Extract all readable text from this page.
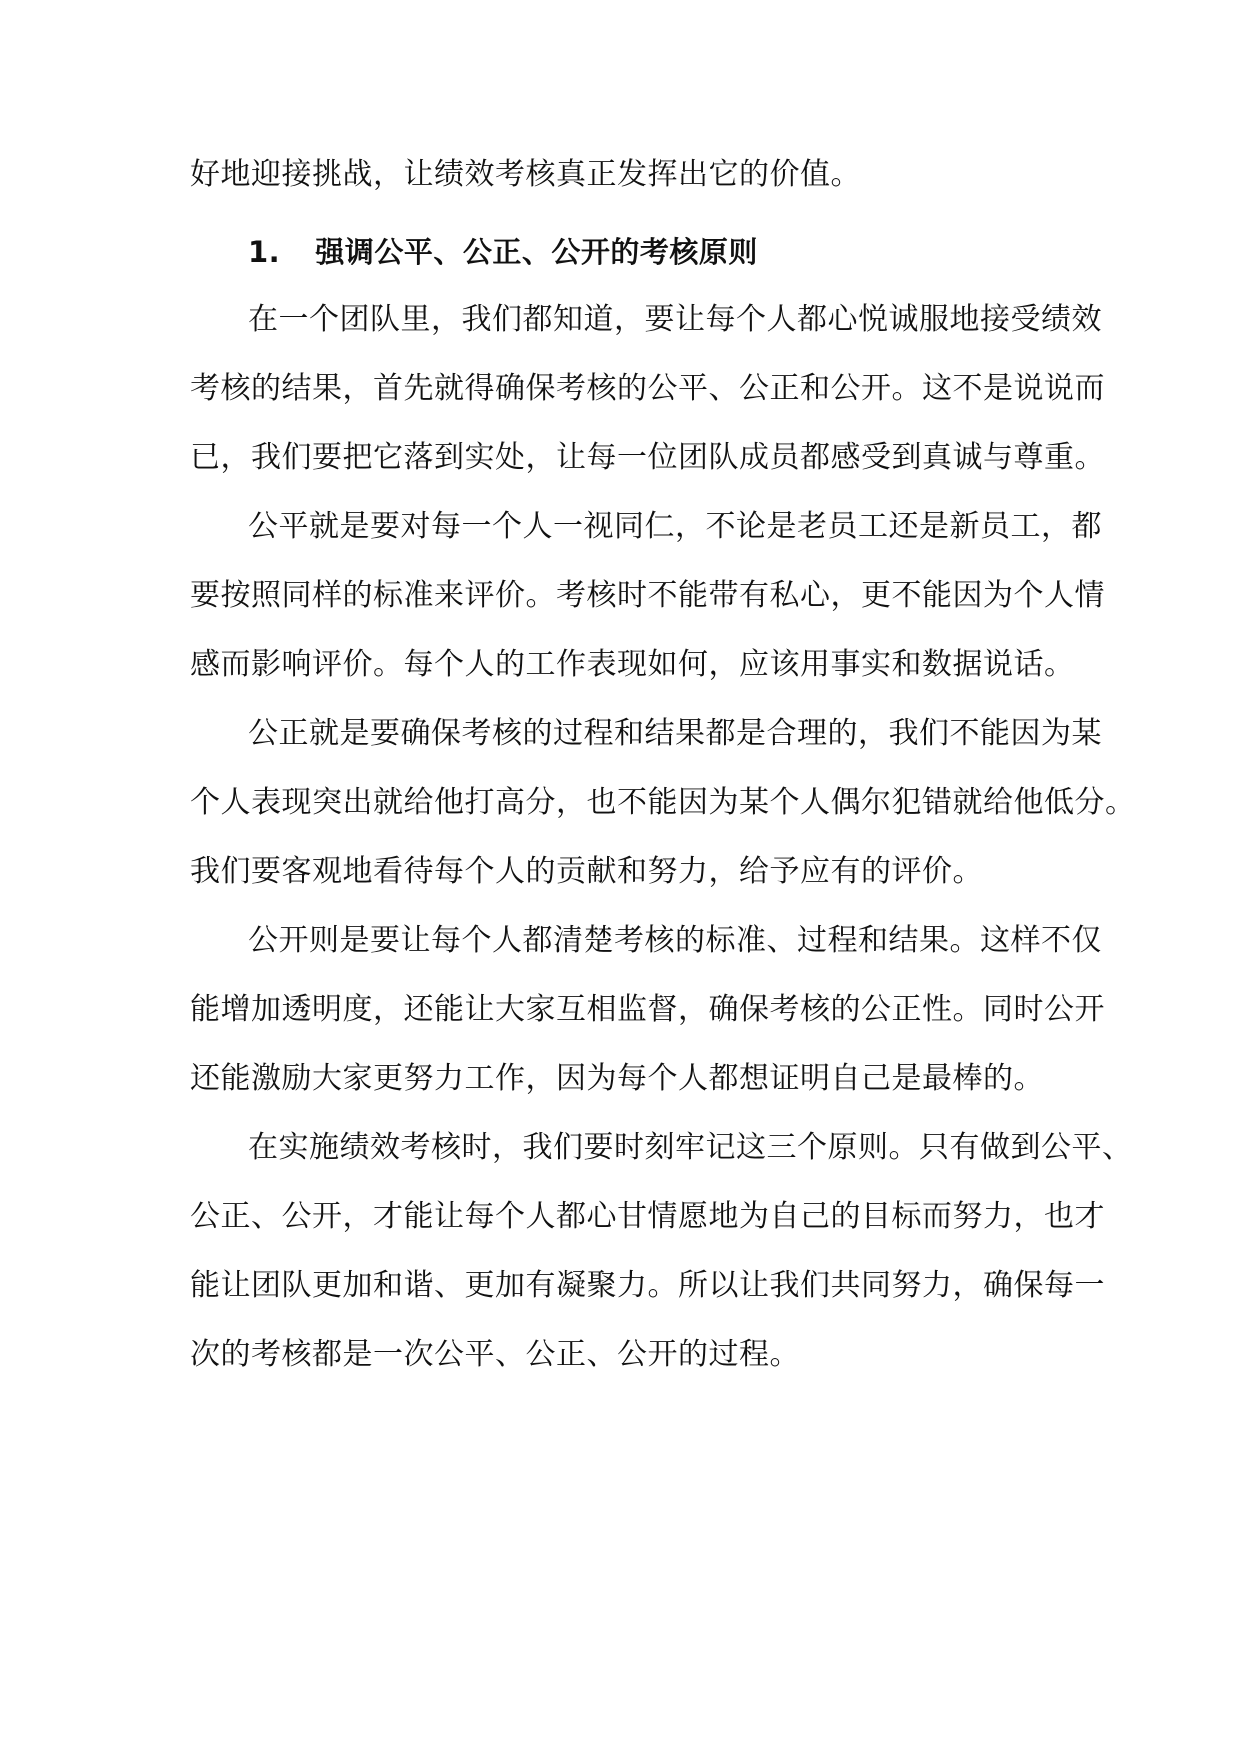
好地迎接挑战，让绩效考核真正发挥出它的价值。
1. 强调公平、公正、公开的考核原则
在一个团队里，我们都知道，要让每个人都心悦诚服地接受绩效
考核的结果，首先就得确保考核的公平、公正和公开。这不是说说而
已，我们要把它落到实处，让每一位团队成员都感受到真诚与尊重。
公平就是要对每一个人一视同仁，不论是老员工还是新员工，都
要按照同样的标准来评价。考核时不能带有私心，更不能因为个人情
感而影响评价。每个人的工作表现如何，应该用事实和数据说话。
公正就是要确保考核的过程和结果都是合理的，我们不能因为某
个人表现突出就给他打高分，也不能因为某个人偶尔犯错就给他低分。
我们要客观地看待每个人的贡献和努力，给予应有的评价。
公开则是要让每个人都清楚考核的标准、过程和结果。这样不仅
能增加透明度，还能让大家互相监督，确保考核的公正性。同时公开
还能激励大家更努力工作，因为每个人都想证明自己是最棒的。
在实施绩效考核时，我们要时刻牢记这三个原则。只有做到公平、
公正、公开，才能让每个人都心甘情愿地为自己的目标而努力，也才
能让团队更加和谐、更加有凝聚力。所以让我们共同努力，确保每一
次的考核都是一次公平、公正、公开的过程。
